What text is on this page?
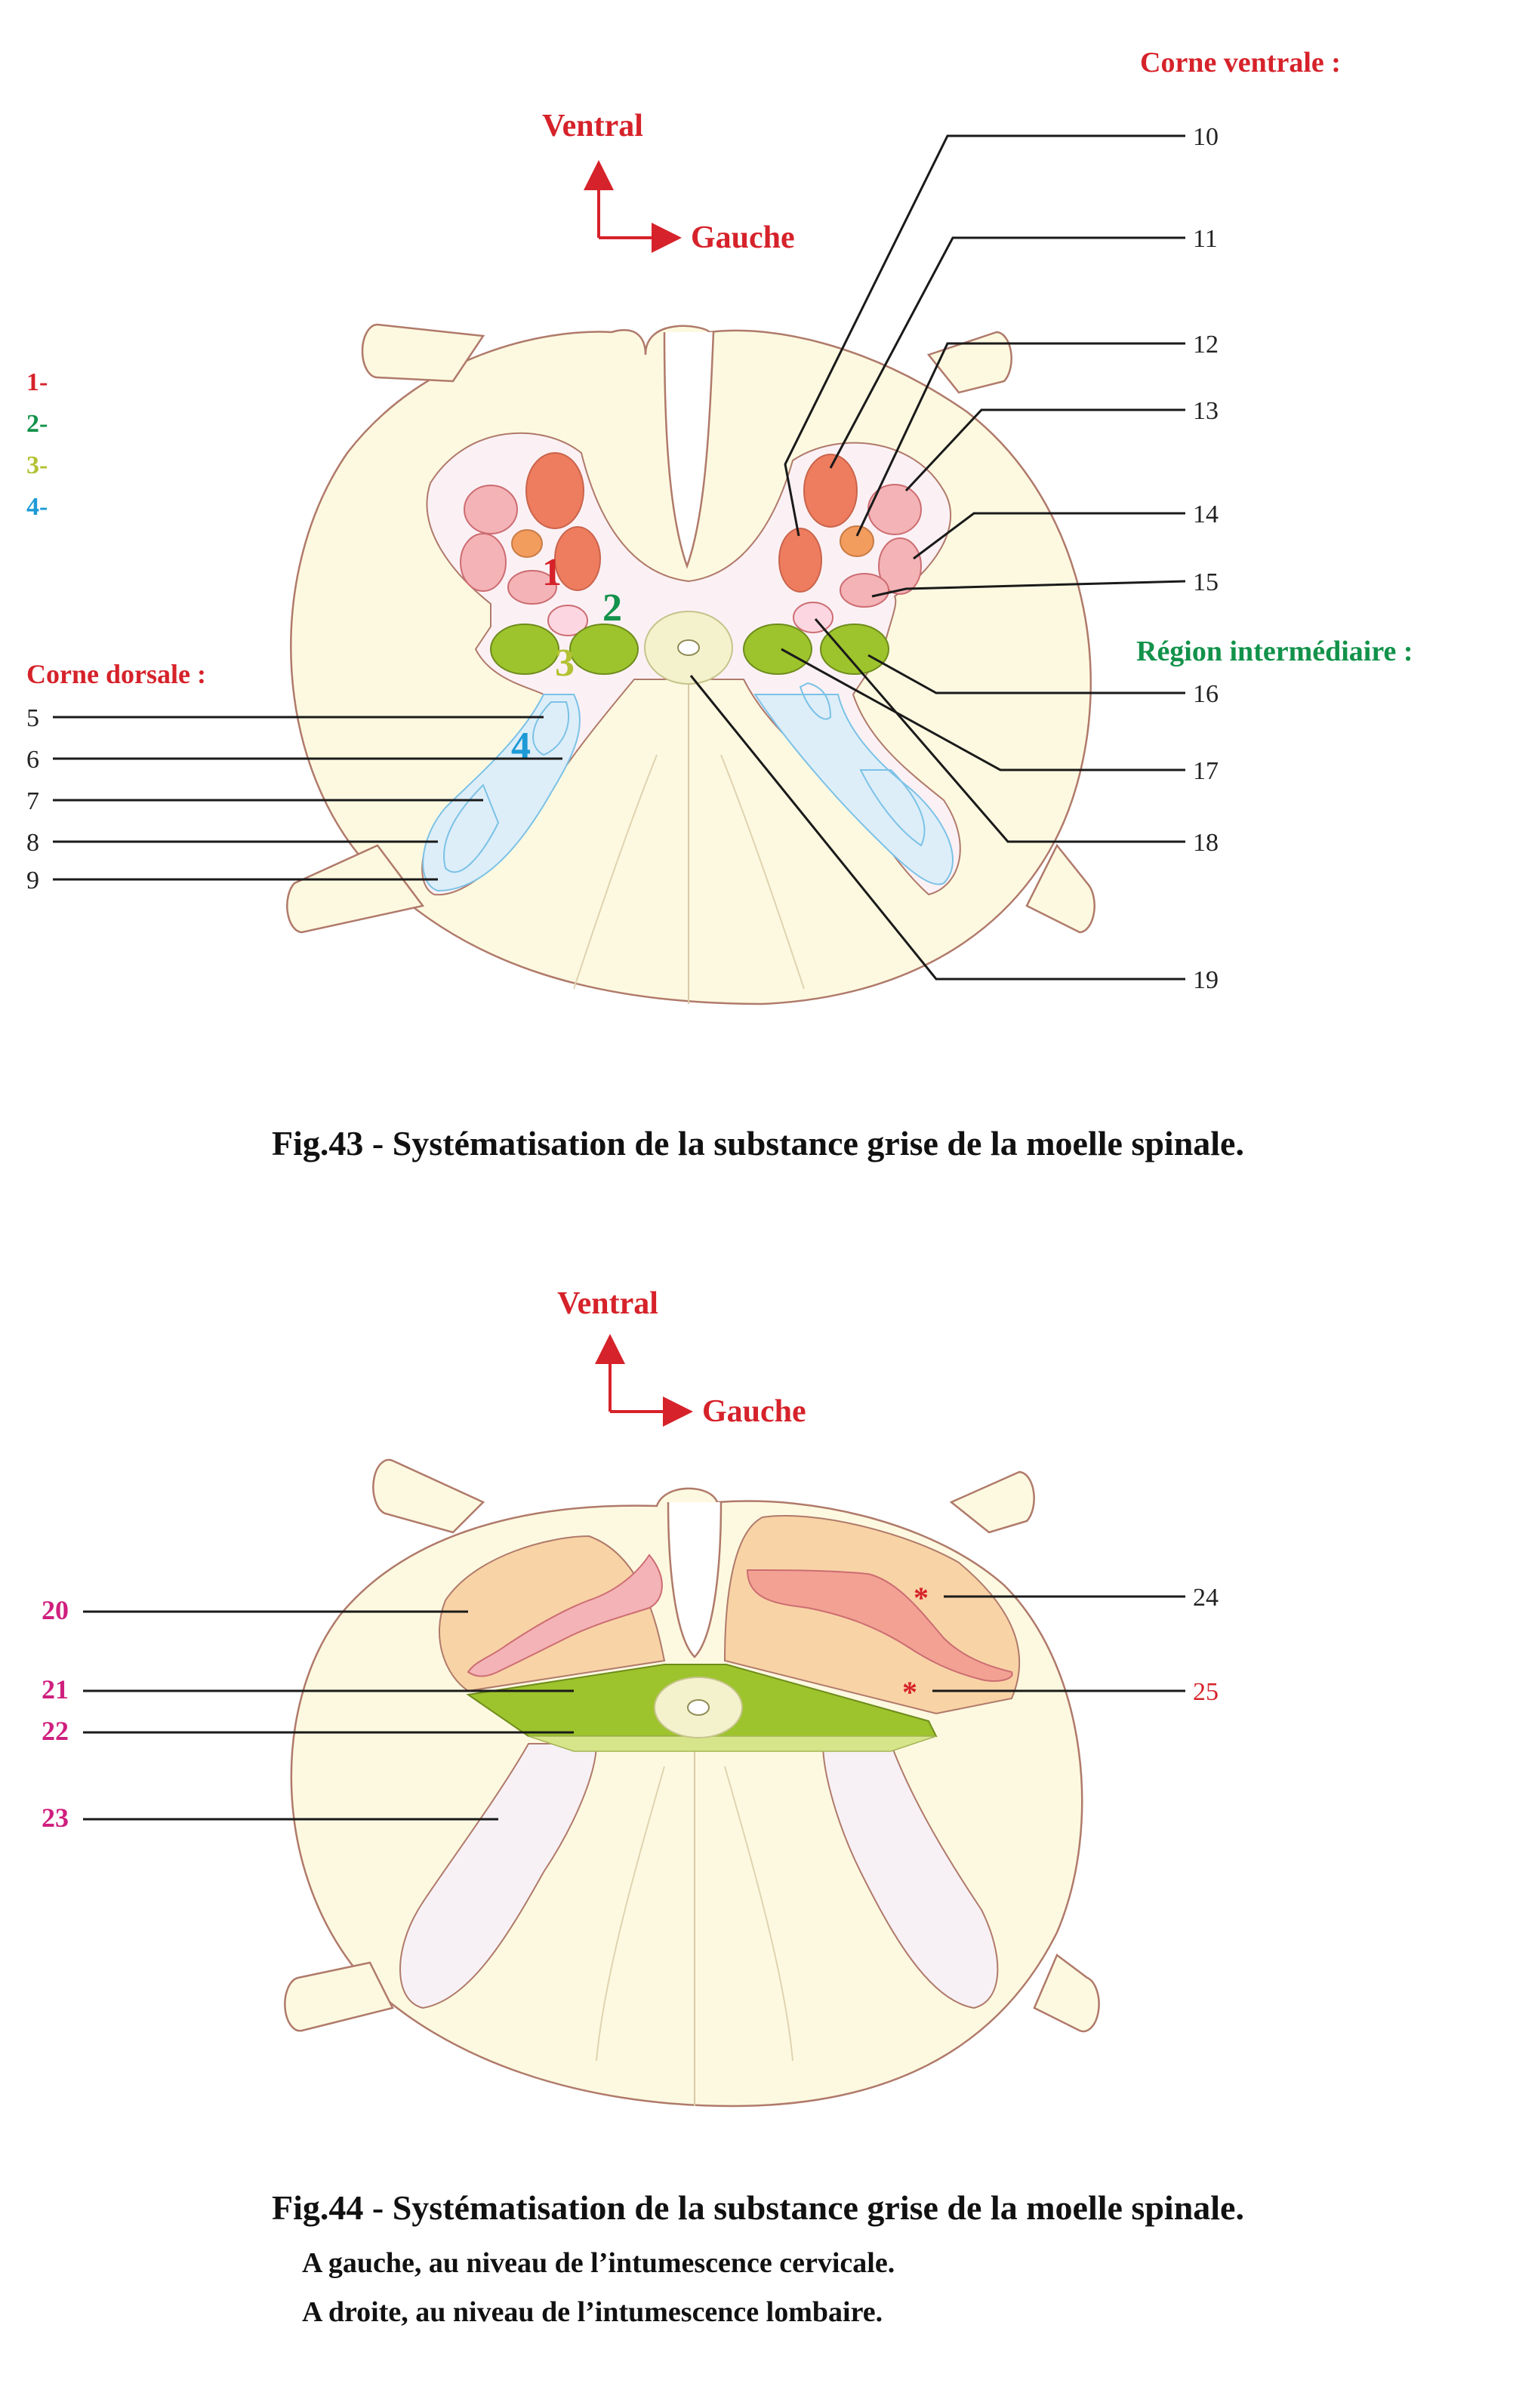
Ventral
Gauche
1
2
3
4
1-
2-
3-
4-
Corne ventrale :
Région intermédiaire :
Corne dorsale :
5
6
7
8
9
10
11
12
13
14
15
16
17
18
19
Fig.43 - Systématisation de la substance grise de la moelle spinale.
Ventral
Gauche
*
*
20
21
22
23
24
25
Fig.44 - Systématisation de la substance grise de la moelle spinale.
A gauche, au niveau de l’intumescence cervicale.
A droite, au niveau de l’intumescence lombaire.
